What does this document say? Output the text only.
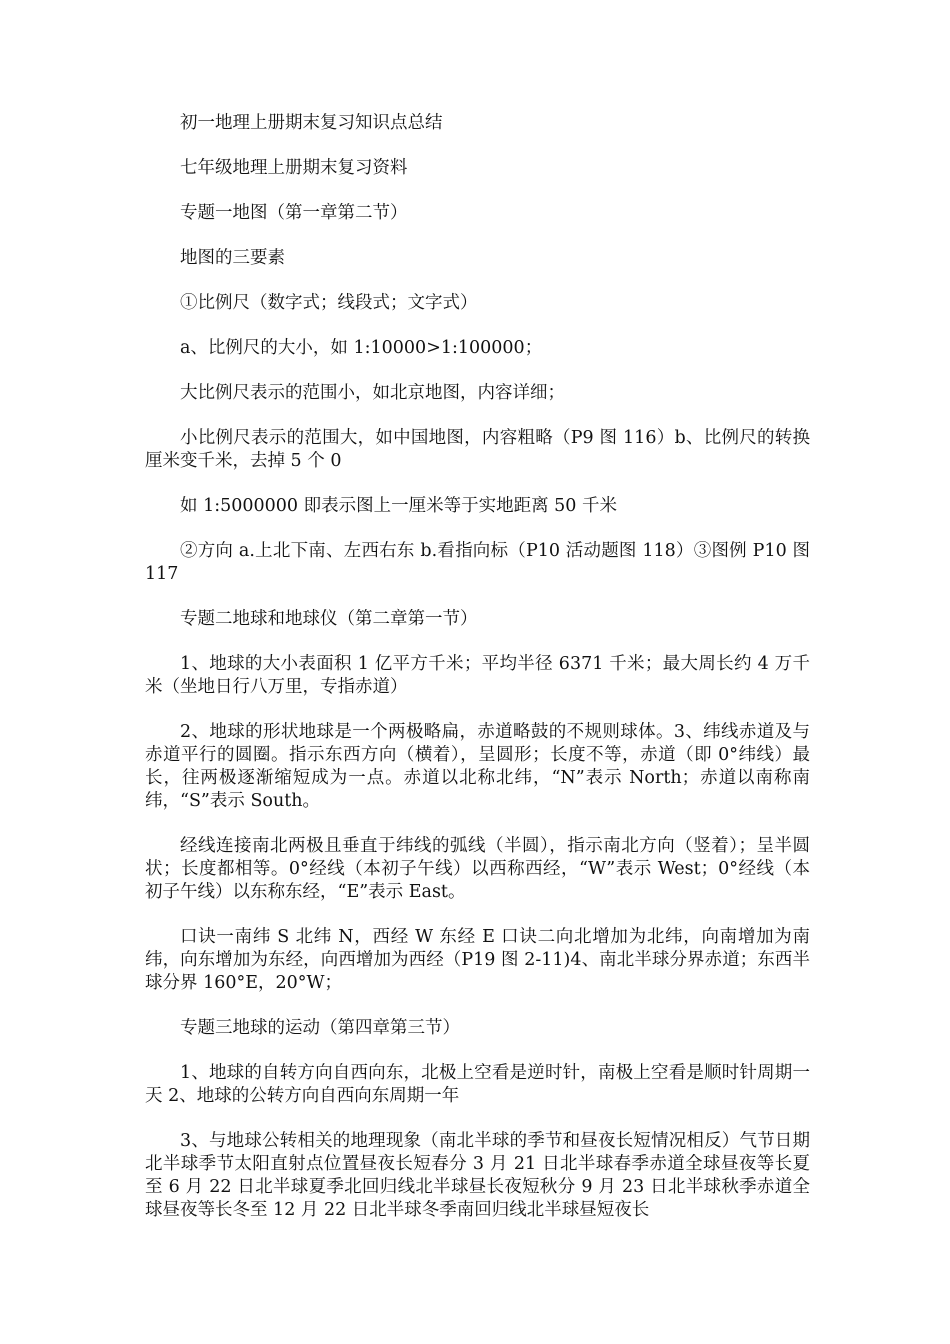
初一地理上册期末复习知识点总结

七年级地理上册期末复习资料

专题一地图（第一章第二节）

地图的三要素

①比例尺（数字式；线段式；文字式）

a、比例尺的大小，如 1:10000>1:100000；

大比例尺表示的范围小，如北京地图，内容详细；

小比例尺表示的范围大，如中国地图，内容粗略（P9 图 116）b、比例尺的转换厘米变千米，去掉 5 个 0

如 1:5000000 即表示图上一厘米等于实地距离 50 千米

②方向 a.上北下南、左西右东 b.看指向标（P10 活动题图 118）③图例 P10 图 117

专题二地球和地球仪（第二章第一节）

1、地球的大小表面积 1 亿平方千米；平均半径 6371 千米；最大周长约 4 万千米（坐地日行八万里，专指赤道）

2、地球的形状地球是一个两极略扁，赤道略鼓的不规则球体。3、纬线赤道及与赤道平行的圆圈。指示东西方向（横着），呈圆形；长度不等，赤道（即 0°纬线）最长，往两极逐渐缩短成为一点。赤道以北称北纬，“N”表示 North；赤道以南称南纬，“S”表示 South。

经线连接南北两极且垂直于纬线的弧线（半圆），指示南北方向（竖着）；呈半圆状；长度都相等。0°经线（本初子午线）以西称西经，“W”表示 West；0°经线（本初子午线）以东称东经，“E”表示 East。

口诀一南纬 S 北纬 N，西经 W 东经 E 口诀二向北增加为北纬，向南增加为南纬，向东增加为东经，向西增加为西经（P19 图 2-11)4、南北半球分界赤道；东西半球分界 160°E，20°W；

专题三地球的运动（第四章第三节）

1、地球的自转方向自西向东，北极上空看是逆时针，南极上空看是顺时针周期一天 2、地球的公转方向自西向东周期一年

3、与地球公转相关的地理现象（南北半球的季节和昼夜长短情况相反）气节日期北半球季节太阳直射点位置昼夜长短春分 3 月 21 日北半球春季赤道全球昼夜等长夏至 6 月 22 日北半球夏季北回归线北半球昼长夜短秋分 9 月 23 日北半球秋季赤道全球昼夜等长冬至 12 月 22 日北半球冬季南回归线北半球昼短夜长
